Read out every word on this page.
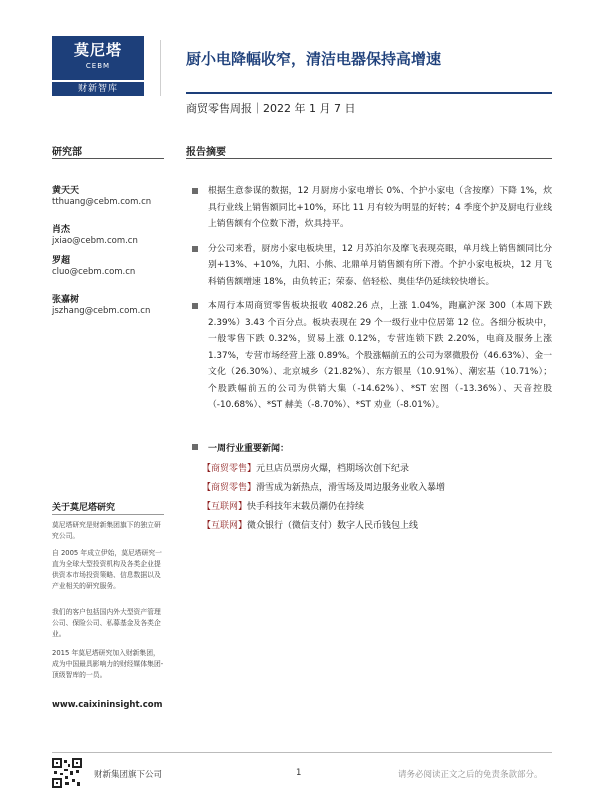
莫尼塔
CEBM
财新智库
厨小电降幅收窄，清洁电器保持高增速
商贸零售周报｜2022 年 1 月 7 日
研究部	报告摘要
黄天天
tthuang@cebm.com.cn
肖杰
jxiao@cebm.com.cn
罗超
cluo@cebm.com.cn
张嘉树
jszhang@cebm.com.cn
根据生意参谋的数据，12 月厨房小家电增长 0%、个护小家电（含按摩）下降 1%，炊具行业线上销售额同比+10%，环比 11 月有较为明显的好转；4 季度个护及厨电行业线上销售额有个位数下滑，炊具持平。
分公司来看，厨房小家电板块里，12 月苏泊尔及摩飞表现亮眼，单月线上销售额同比分别+13%、+10%，九阳、小熊、北鼎单月销售额有所下滑。个护小家电板块，12 月飞科销售额增速 18%，由负转正；荣泰、倍轻松、奥佳华仍延续较快增长。
本周行本周商贸零售板块报收 4082.26 点，上涨 1.04%，跑赢沪深 300（本周下跌 2.39%）3.43 个百分点。板块表现在 29 个一级行业中位居第 12 位。各细分板块中，一般零售下跌 0.32%，贸易上涨 0.12%，专营连锁下跌 2.20%，电商及服务上涨 1.37%，专营市场经营上涨 0.89%。个股涨幅前五的公司为翠微股份（46.63%）、金一文化（26.30%）、北京城乡（21.82%）、东方银星（10.91%）、潮宏基（10.71%）；个股跌幅前五的公司为供销大集（-14.62%）、*ST 宏图（-13.36%）、天音控股（-10.68%）、*ST 赫美（-8.70%）、*ST 劝业（-8.01%）。
一周行业重要新闻：
【商贸零售】元旦店员票房火爆，档期场次创下纪录
【商贸零售】滑雪成为新热点，滑雪场及周边服务业收入暴增
【互联网】快手科技年末载员潮仍在持续
【互联网】微众银行（微信支付）数字人民币钱包上线
关于莫尼塔研究
莫尼塔研究是财新集团旗下的独立研究公司。
自 2005 年成立伊始，莫尼塔研究一直为全球大型投资机构及各类企业提供资本市场投资策略、信息数据以及产业相关的研究服务。
我们的客户包括国内外大型资产管理公司、保险公司、私募基金及各类企业。
2015 年莫尼塔研究加入财新集团，成为中国最具影响力的财经媒体集团-顶级智库的一员。
www.caixininsight.com
财新集团旗下公司	1	请务必阅读正文之后的免责条款部分。
